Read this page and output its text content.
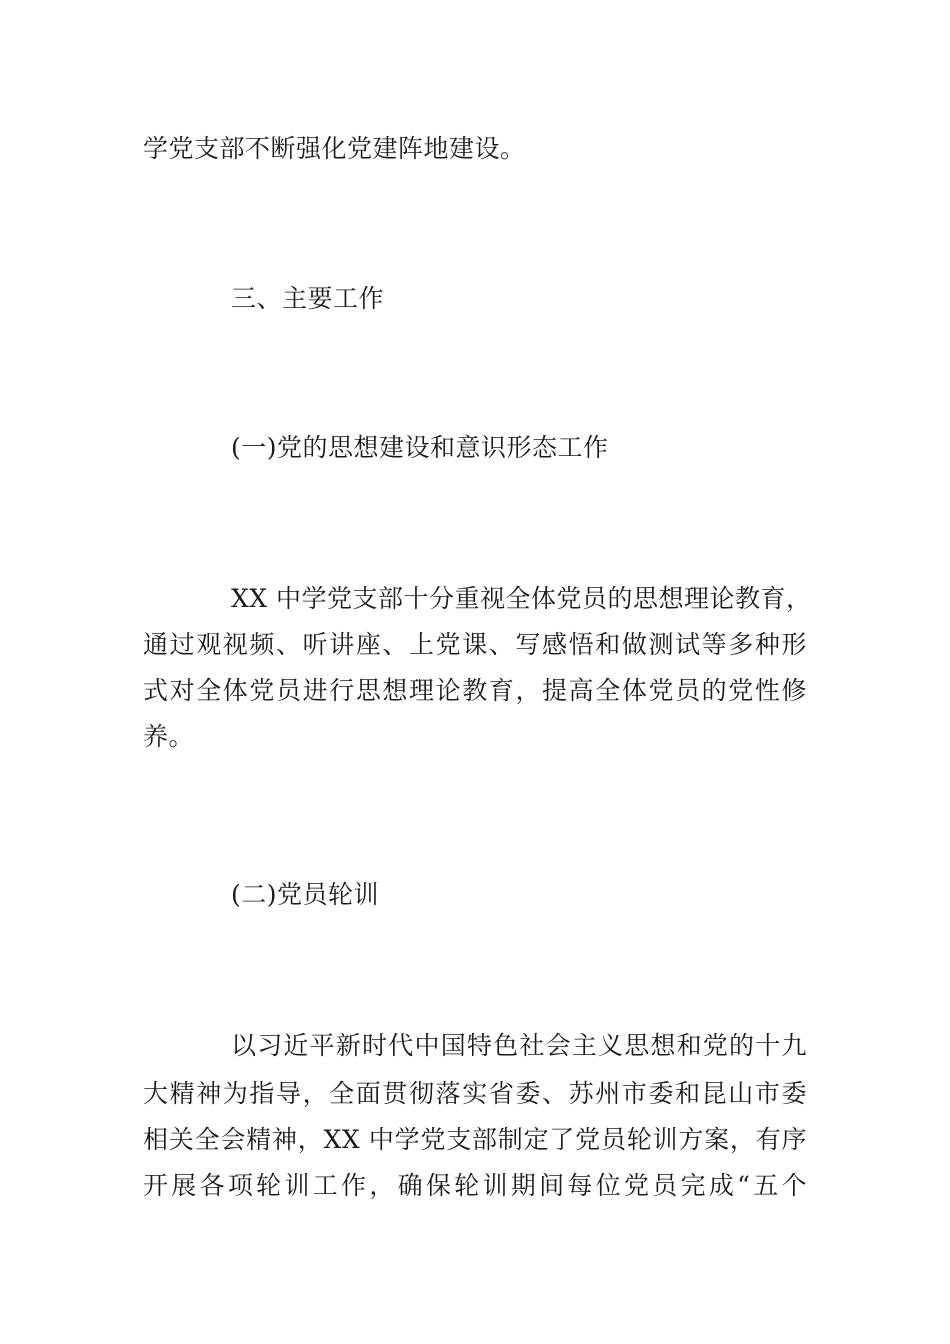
学党支部不断强化党建阵地建设。
三、主要工作
(一)党的思想建设和意识形态工作
XX 中学党支部十分重视全体党员的思想理论教育，
通过观视频、听讲座、上党课、写感悟和做测试等多种形
式对全体党员进行思想理论教育，提高全体党员的党性修
养。
(二)党员轮训
以习近平新时代中国特色社会主义思想和党的十九
大精神为指导，全面贯彻落实省委、苏州市委和昆山市委
相关全会精神，XX 中学党支部制定了党员轮训方案，有序
开展各项轮训工作，确保轮训期间每位党员完成“五个
